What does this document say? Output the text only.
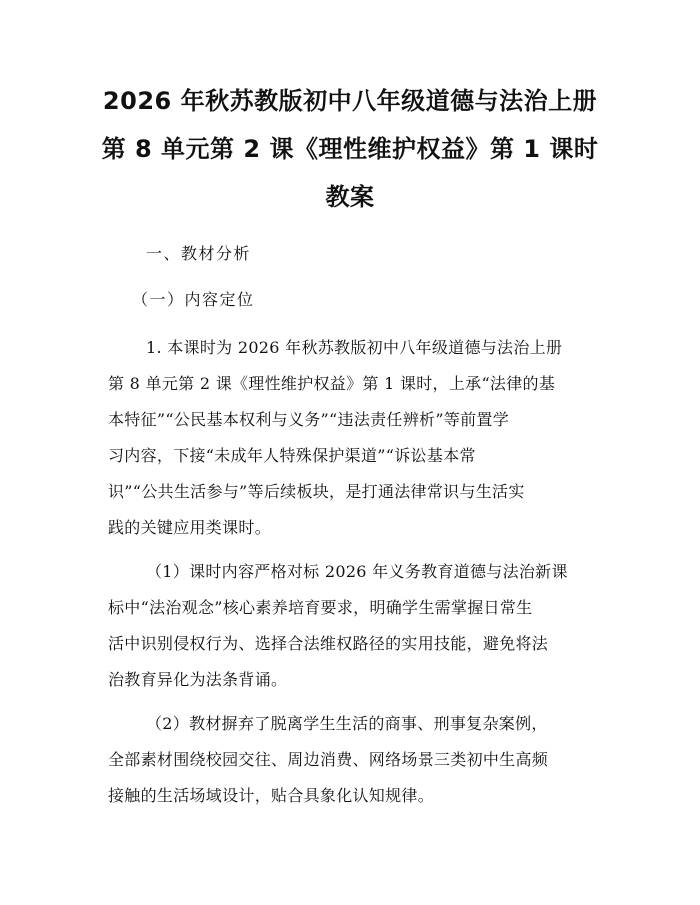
2026 年秋苏教版初中八年级道德与法治上册
第 8 单元第 2 课《理性维护权益》第 1 课时
教案
一、教材分析
（一）内容定位
1. 本课时为 2026 年秋苏教版初中八年级道德与法治上册
第 8 单元第 2 课《理性维护权益》第 1 课时，上承“法律的基
本特征”“公民基本权利与义务”“违法责任辨析”等前置学
习内容，下接“未成年人特殊保护渠道”“诉讼基本常
识”“公共生活参与”等后续板块，是打通法律常识与生活实
践的关键应用类课时。
（1）课时内容严格对标 2026 年义务教育道德与法治新课
标中“法治观念”核心素养培育要求，明确学生需掌握日常生
活中识别侵权行为、选择合法维权路径的实用技能，避免将法
治教育异化为法条背诵。
（2）教材摒弃了脱离学生生活的商事、刑事复杂案例，
全部素材围绕校园交往、周边消费、网络场景三类初中生高频
接触的生活场域设计，贴合具象化认知规律。
